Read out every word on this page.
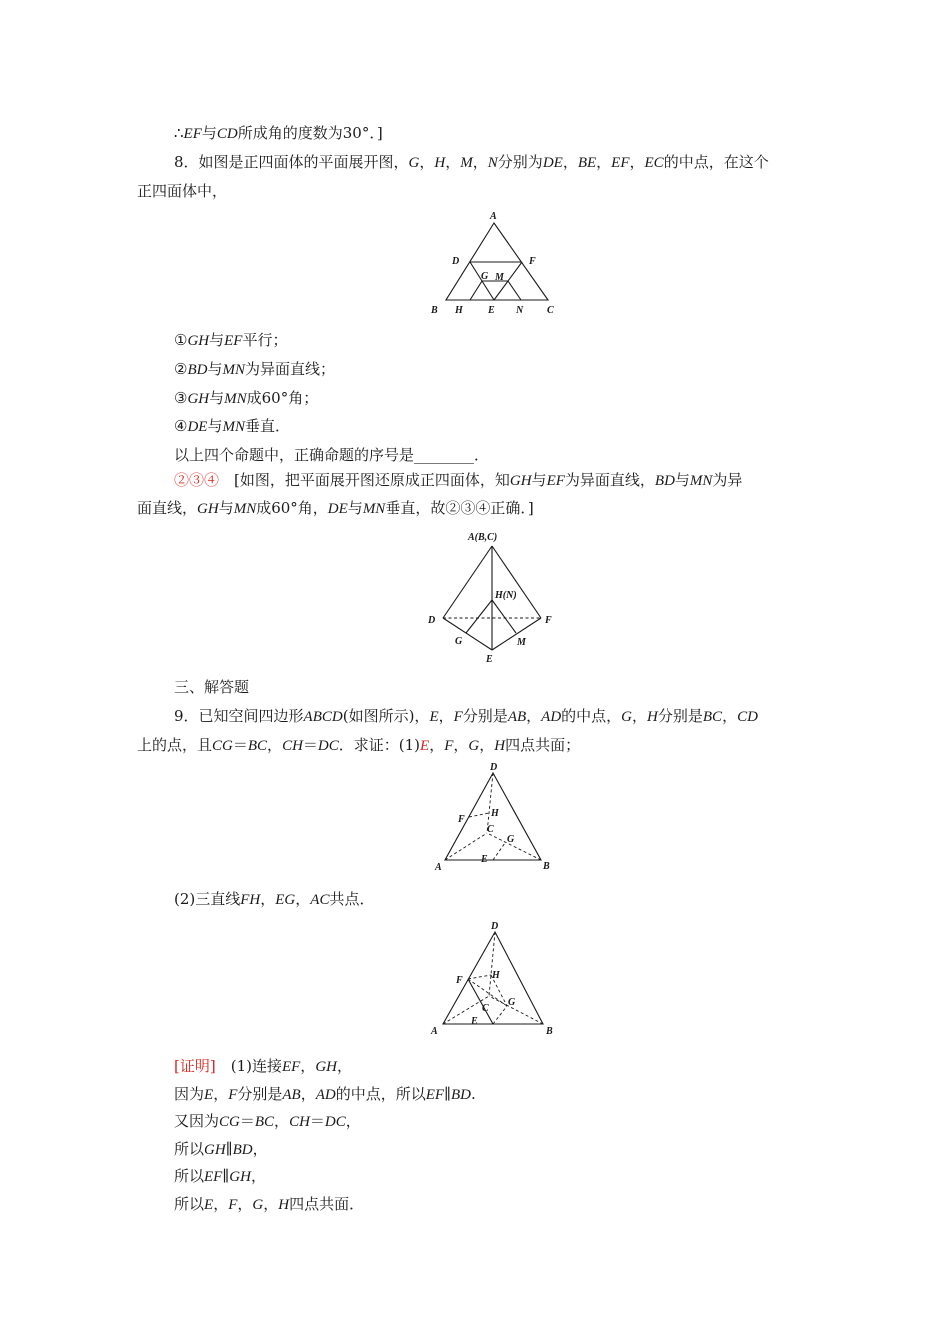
∴EF与CD所成角的度数为30°．]
8．如图是正四面体的平面展开图，G，H，M，N分别为DE，BE，EF，EC的中点，在这个
正四面体中，
A
D	F
G M
B H	E N C
A(B,C)
H(N)
D	F
G	M
E
D
H
F
C
G
E
A	B
D
F	H
G
C
E
A	B
①GH与EF平行；
②BD与MN为异面直线；
③GH与MN成60°角；
④DE与MN垂直．
以上四个命题中，正确命题的序号是________．
②③④　[如图，把平面展开图还原成正四面体，知GH与EF为异面直线，BD与MN为异
面直线，GH与MN成60°角，DE与MN垂直，故②③④正确．]
三、解答题
9．已知空间四边形ABCD(如图所示)，E，F分别是AB，AD的中点，G，H分别是BC，CD
上的点，且CG＝BC，CH＝DC．求证：(1)E，F，G，H四点共面；
(2)三直线FH，EG，AC共点．
[证明]　(1)连接EF，GH，
因为E，F分别是AB，AD的中点，所以EF∥BD.
又因为CG＝BC，CH＝DC，
所以GH∥BD，
所以EF∥GH，
所以E，F，G，H四点共面．
